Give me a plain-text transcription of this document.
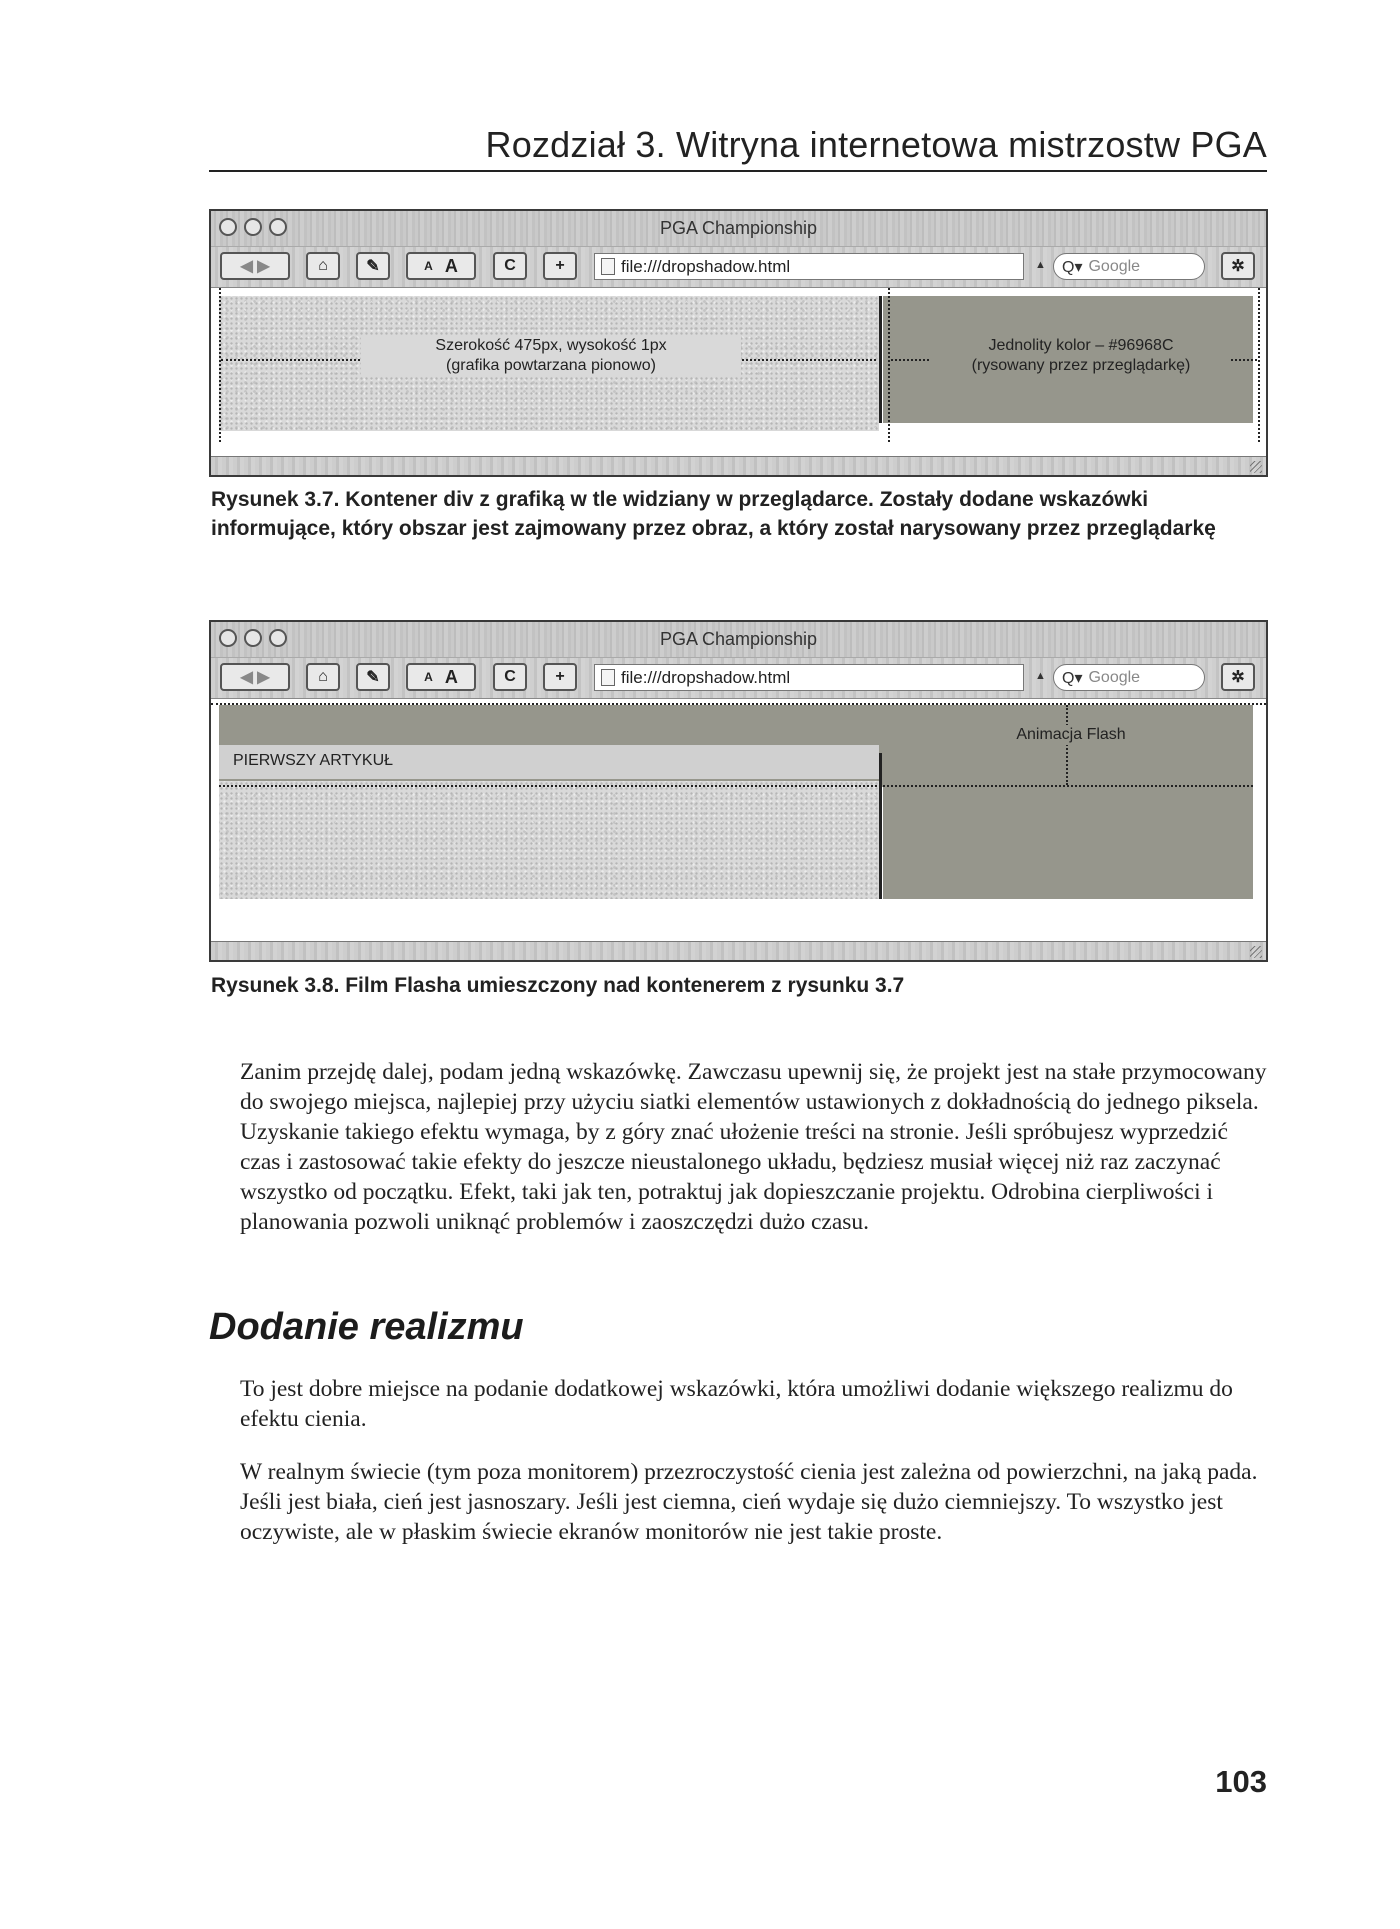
Rozdział 3. Witryna internetowa mistrzostw PGA
PGA Championship
◀
▶	⌂ ✎	A A	C +	file:///dropshadow.html	▲ Q▾ Google	✲
Szerokość 475px, wysokość 1px
(grafika powtarzana pionowo)
Jednolity kolor – #96968C
(rysowany przez przeglądarkę)
Rysunek 3.7. Kontener div z grafiką w tle widziany w przeglądarce. Zostały dodane wskazówki informujące, który obszar jest zajmowany przez obraz, a który został narysowany przez przeglądarkę
PGA Championship
◀
▶	⌂ ✎	A A	C +	file:///dropshadow.html	▲ Q▾ Google	✲
PIERWSZY ARTYKUŁ
Animacja Flash
Rysunek 3.8. Film Flasha umieszczony nad kontenerem z rysunku 3.7

Zanim przejdę dalej, podam jedną wskazówkę. Zawczasu upewnij się, że projekt jest na stałe przymocowany do swojego miejsca, najlepiej przy użyciu siatki elementów ustawionych z dokładnością do jednego piksela. Uzyskanie takiego efektu wymaga, by z góry znać ułożenie treści na stronie. Jeśli spróbujesz wyprzedzić czas i zastosować takie efekty do jeszcze nieustalonego układu, będziesz musiał więcej niż raz zaczynać wszystko od początku. Efekt, taki jak ten, potraktuj jak dopieszczanie projektu. Odrobina cierpliwości i planowania pozwoli uniknąć problemów i zaoszczędzi dużo czasu.

Dodanie realizmu

To jest dobre miejsce na podanie dodatkowej wskazówki, która umożliwi dodanie większego realizmu do efektu cienia.

W realnym świecie (tym poza monitorem) przezroczystość cienia jest zależna od powierzchni, na jaką pada. Jeśli jest biała, cień jest jasnoszary. Jeśli jest ciemna, cień wydaje się dużo ciemniejszy. To wszystko jest oczywiste, ale w płaskim świecie ekranów monitorów nie jest takie proste.

103
